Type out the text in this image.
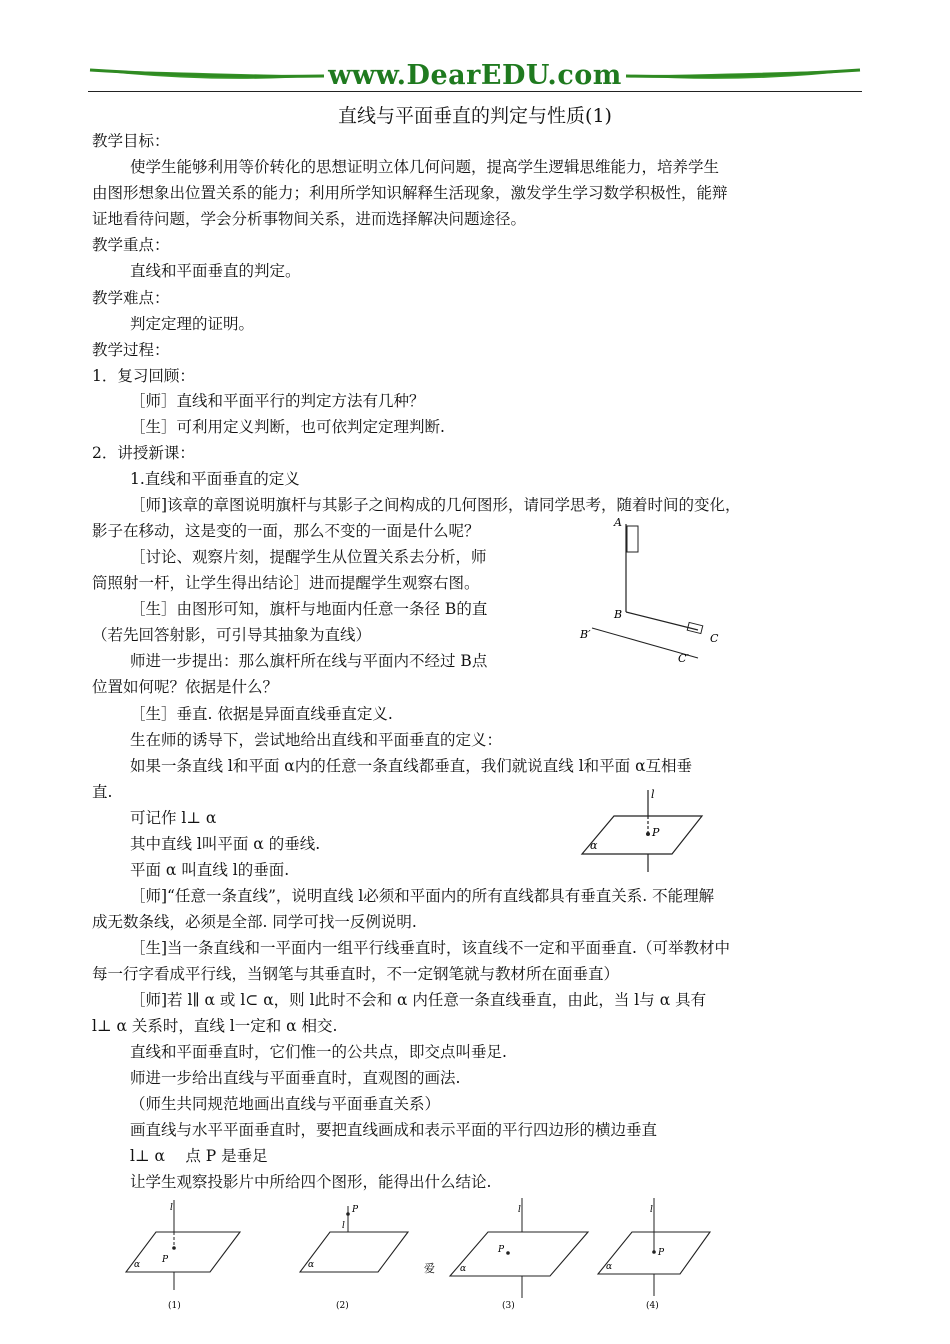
www.DearEDU.com
直线与平面垂直的判定与性质(1)
教学目标：
使学生能够利用等价转化的思想证明立体几何问题，提高学生逻辑思维能力，培养学生
由图形想象出位置关系的能力；利用所学知识解释生活现象，激发学生学习数学积极性，能辩
证地看待问题，学会分析事物间关系，进而选择解决问题途径。
教学重点：
直线和平面垂直的判定。
教学难点：
判定定理的证明。
教学过程：
1．复习回顾：
［师］直线和平面平行的判定方法有几种？
［生］可利用定义判断，也可依判定定理判断.
2．讲授新课：
1.直线和平面垂直的定义
［师]该章的章图说明旗杆与其影子之间构成的几何图形，请同学思考，随着时间的变化，
影子在移动，这是变的一面，那么不变的一面是什么呢？
［讨论、观察片刻，提醒学生从位置关系去分析，师
筒照射一杆，让学生得出结论］进而提醒学生观察右图。
［生］由图形可知，旗杆与地面内任意一条径 B的直
（若先回答射影，可引导其抽象为直线）
师进一步提出：那么旗杆所在线与平面内不经过 B点
位置如何呢？依据是什么？
［生］垂直. 依据是异面直线垂直定义.
生在师的诱导下，尝试地给出直线和平面垂直的定义：
如果一条直线 l和平面 α内的任意一条直线都垂直，我们就说直线 l和平面 α互相垂
直.
可记作 l⊥ α
其中直线 l叫平面 α 的垂线.
平面 α 叫直线 l的垂面.
［师]“任意一条直线”，说明直线 l必须和平面内的所有直线都具有垂直关系. 不能理解
成无数条线，必须是全部. 同学可找一反例说明.
［生]当一条直线和一平面内一组平行线垂直时，该直线不一定和平面垂直.（可举教材中
每一行字看成平行线，当钢笔与其垂直时，不一定钢笔就与教材所在面垂直）
［师]若 l∥ α 或 l⊂ α，则 l此时不会和 α 内任意一条直线垂直，由此，当 l与 α 具有
l⊥ α 关系时，直线 l一定和 α 相交.
直线和平面垂直时，它们惟一的公共点，即交点叫垂足.
师进一步给出直线与平面垂直时，直观图的画法.
（师生共同规范地画出直线与平面垂直关系）
画直线与水平平面垂直时，要把直线画成和表示平面的平行四边形的横边垂直
l⊥ α　 点 P 是垂足
让学生观察投影片中所给四个图形，能得出什么结论.
A
B
C
B′
C′
l
P
α
l
P
α
(1)
l
P
α
(2)
l
P
α
爱
(3)
l
P
α
(4)
